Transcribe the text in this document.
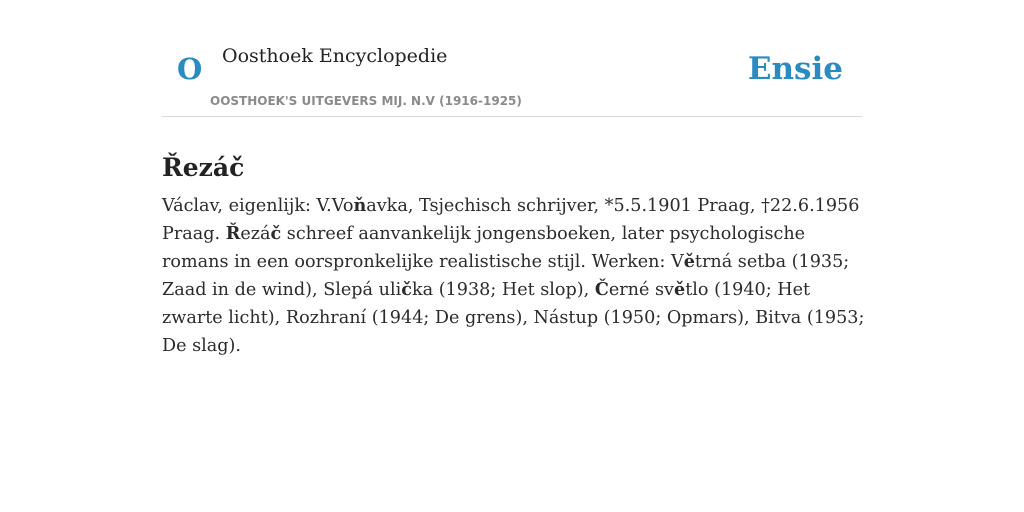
O Oosthoek Encyclopedie
OOSTHOEK'S UITGEVERS MIJ. N.V (1916-1925)
Ensie
Řezáč

Václav, eigenlijk: V.Voňavka, Tsjechisch schrijver, *5.5.1901 Praag, †22.6.1956 Praag. Řezáč schreef aanvankelijk jongensboeken, later psychologische romans in een oorspronkelijke realistische stijl. Werken: Větrná setba (1935; Zaad in de wind), Slepá ulička (1938; Het slop), Černé světlo (1940; Het zwarte licht), Rozhraní (1944; De grens), Nástup (1950; Opmars), Bitva (1953; De slag).
